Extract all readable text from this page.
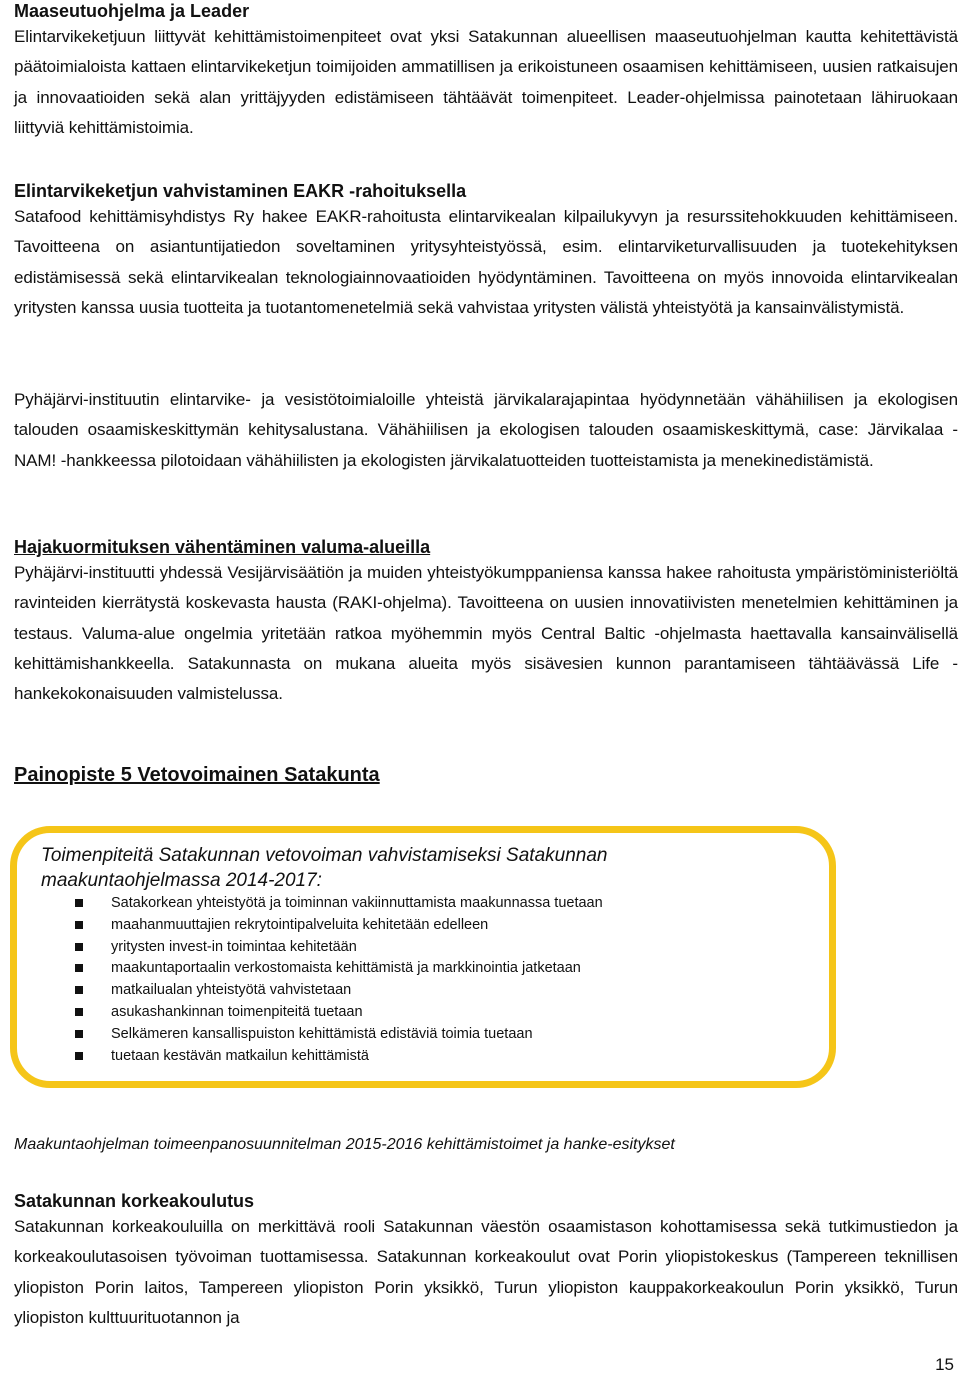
Maaseutuohjelma ja Leader

Elintarvikeketjuun liittyvät kehittämistoimenpiteet ovat yksi Satakunnan alueellisen maaseutuohjelman kautta kehitettävistä päätoimialoista kattaen elintarvikeketjun toimijoiden ammatillisen ja erikoistuneen osaamisen kehittämiseen, uusien ratkaisujen ja innovaatioiden sekä alan yrittäjyyden edistämiseen tähtäävät toimenpiteet. Leader-ohjelmissa painotetaan lähiruokaan liittyviä kehittämistoimia.

Elintarvikeketjun vahvistaminen EAKR -rahoituksella

Satafood kehittämisyhdistys Ry hakee EAKR-rahoitusta elintarvikealan kilpailukyvyn ja resurssitehokkuuden kehittämiseen. Tavoitteena on asiantuntijatiedon soveltaminen yritysyhteistyössä, esim. elintarviketurvallisuuden ja tuotekehityksen edistämisessä sekä elintarvikealan teknologiainnovaatioiden hyödyntäminen. Tavoitteena on myös innovoida elintarvikealan yritysten kanssa uusia tuotteita ja tuotantomenetelmiä sekä vahvistaa yritysten välistä yhteistyötä ja kansainvälistymistä.

Pyhäjärvi-instituutin elintarvike- ja vesistötoimialoille yhteistä järvikalarajapintaa hyödynnetään vähähiilisen ja ekologisen talouden osaamiskeskittymän kehitysalustana. Vähähiilisen ja ekologisen talouden osaamiskeskittymä, case: Järvikalaa - NAM! -hankkeessa pilotoidaan vähähiilisten ja ekologisten järvikalatuotteiden tuotteistamista ja menekinedistämistä.

Hajakuormituksen vähentäminen valuma-alueilla

Pyhäjärvi-instituutti yhdessä Vesijärvisäätiön ja muiden yhteistyökumppaniensa kanssa hakee rahoitusta ympäristöministeriöltä ravinteiden kierrätystä koskevasta hausta (RAKI-ohjelma). Tavoitteena on uusien innovatiivisten menetelmien kehittäminen ja testaus. Valuma-alue ongelmia yritetään ratkoa myöhemmin myös Central Baltic -ohjelmasta haettavalla kansainvälisellä kehittämishankkeella. Satakunnasta on mukana alueita myös sisävesien kunnon parantamiseen tähtäävässä Life -hankekokonaisuuden valmistelussa.

Painopiste 5 Vetovoimainen Satakunta

Toimenpiteitä Satakunnan vetovoiman vahvistamiseksi Satakunnan
maakuntaohjelmassa 2014-2017:
Satakorkean yhteistyötä ja toiminnan vakiinnuttamista maakunnassa tuetaan
maahanmuuttajien rekrytointipalveluita kehitetään edelleen
yritysten invest-in toimintaa kehitetään
maakuntaportaalin verkostomaista kehittämistä ja markkinointia jatketaan
matkailualan yhteistyötä vahvistetaan
asukashankinnan toimenpiteitä tuetaan
Selkämeren kansallispuiston kehittämistä edistäviä toimia tuetaan
tuetaan kestävän matkailun kehittämistä
Maakuntaohjelman toimeenpanosuunnitelman 2015-2016 kehittämistoimet ja hanke-esitykset

Satakunnan korkeakoulutus

Satakunnan korkeakouluilla on merkittävä rooli Satakunnan väestön osaamistason kohottamisessa sekä tutkimustiedon ja korkeakoulutasoisen työvoiman tuottamisessa. Satakunnan korkeakoulut ovat Porin yliopistokeskus (Tampereen teknillisen yliopiston Porin laitos, Tampereen yliopiston Porin yksikkö, Turun yliopiston kauppakorkeakoulun Porin yksikkö, Turun yliopiston kulttuurituotannon ja

15
